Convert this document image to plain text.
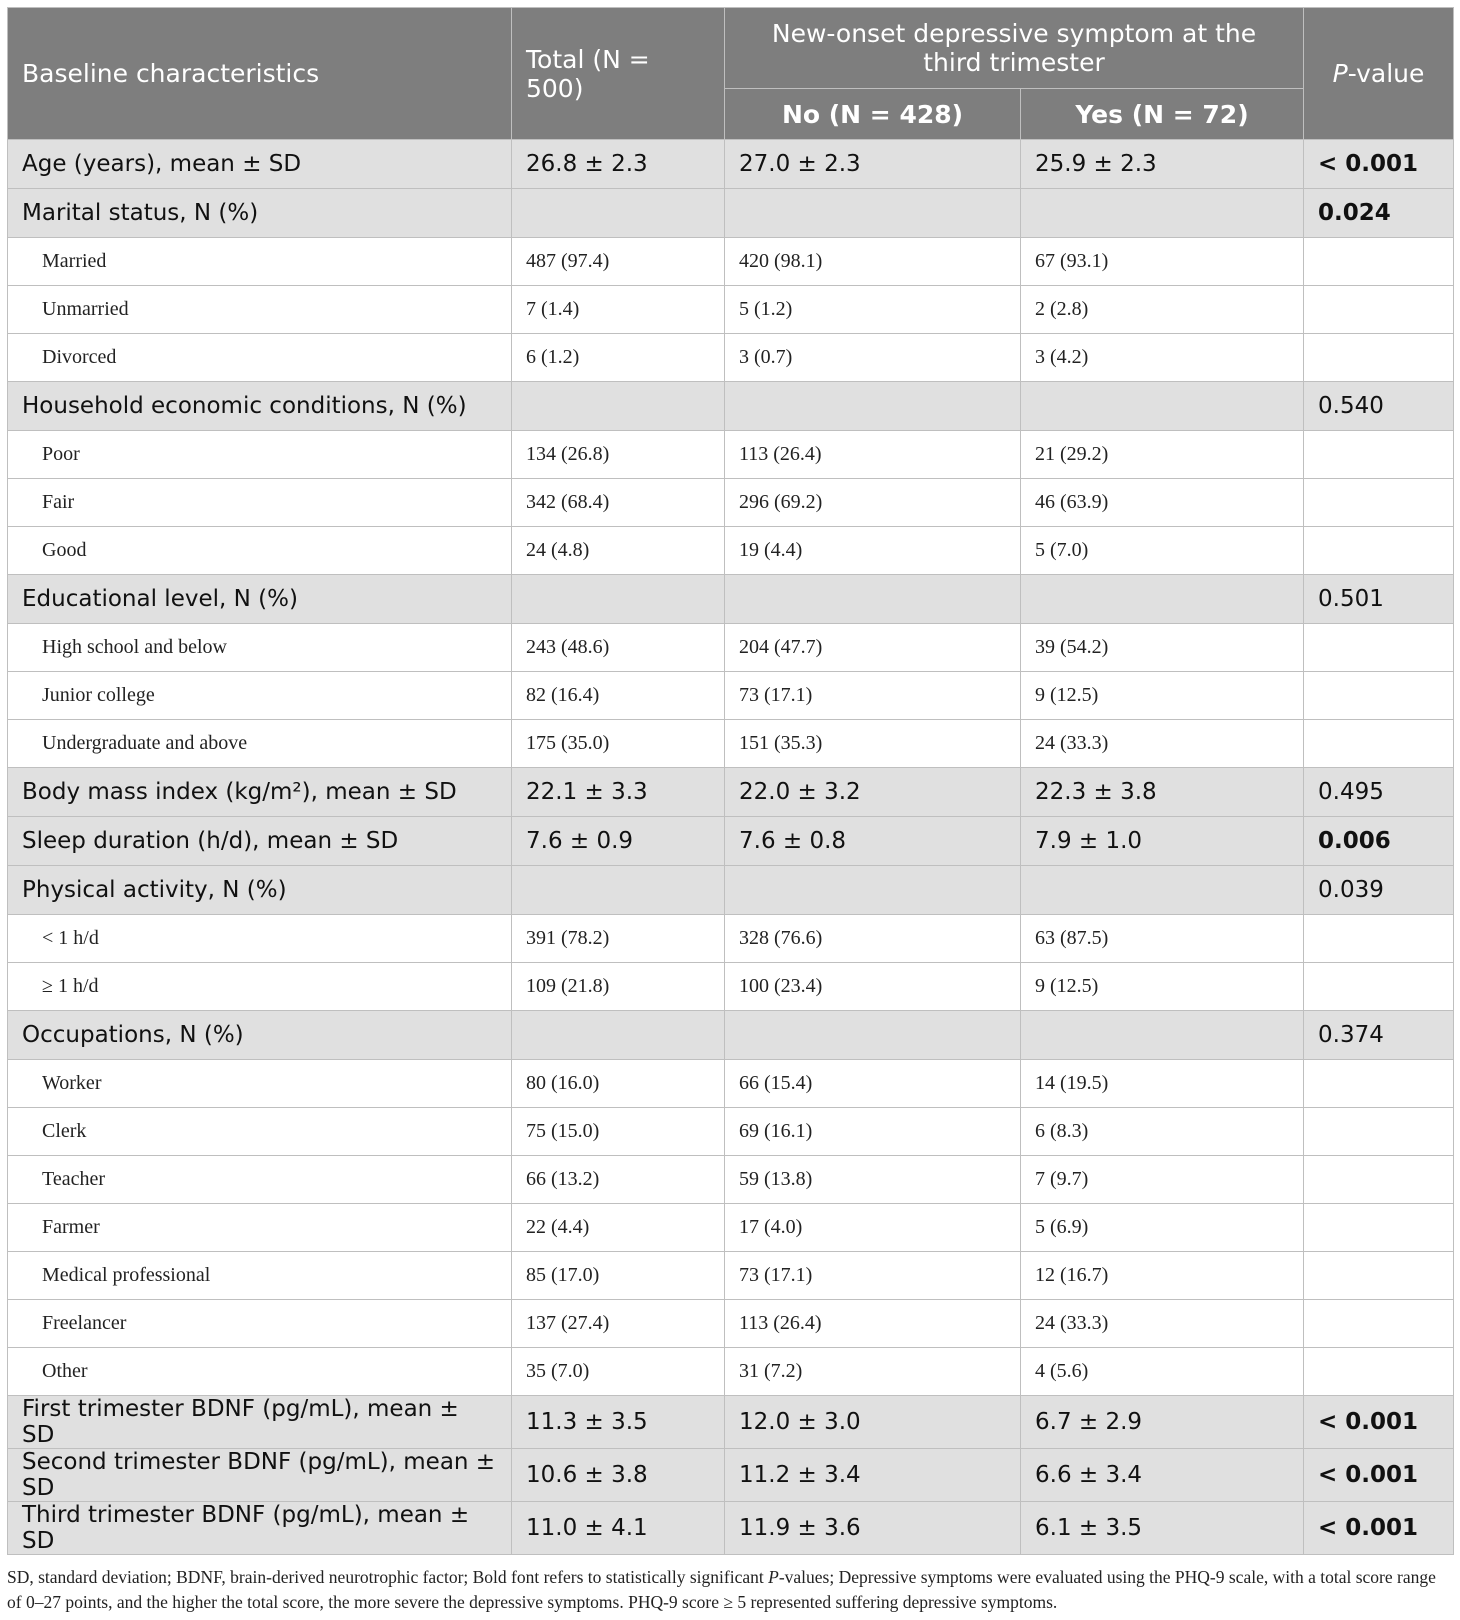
Baseline characteristics	Total (N = 500)	New-onset depressive symptom at the third trimester		P-value
		No (N = 428)	Yes (N = 72)	
Age (years), mean ± SD	26.8 ± 2.3	27.0 ± 2.3	25.9 ± 2.3	< 0.001
Marital status, N (%)				0.024
Married	487 (97.4)	420 (98.1)	67 (93.1)	
Unmarried	7 (1.4)	5 (1.2)	2 (2.8)	
Divorced	6 (1.2)	3 (0.7)	3 (4.2)	
Household economic conditions, N (%)				0.540
Poor	134 (26.8)	113 (26.4)	21 (29.2)	
Fair	342 (68.4)	296 (69.2)	46 (63.9)	
Good	24 (4.8)	19 (4.4)	5 (7.0)	
Educational level, N (%)				0.501
High school and below	243 (48.6)	204 (47.7)	39 (54.2)	
Junior college	82 (16.4)	73 (17.1)	9 (12.5)	
Undergraduate and above	175 (35.0)	151 (35.3)	24 (33.3)	
Body mass index (kg/m²), mean ± SD	22.1 ± 3.3	22.0 ± 3.2	22.3 ± 3.8	0.495
Sleep duration (h/d), mean ± SD	7.6 ± 0.9	7.6 ± 0.8	7.9 ± 1.0	0.006
Physical activity, N (%)				0.039
< 1 h/d	391 (78.2)	328 (76.6)	63 (87.5)	
≥ 1 h/d	109 (21.8)	100 (23.4)	9 (12.5)	
Occupations, N (%)				0.374
Worker	80 (16.0)	66 (15.4)	14 (19.5)	
Clerk	75 (15.0)	69 (16.1)	6 (8.3)	
Teacher	66 (13.2)	59 (13.8)	7 (9.7)	
Farmer	22 (4.4)	17 (4.0)	5 (6.9)	
Medical professional	85 (17.0)	73 (17.1)	12 (16.7)	
Freelancer	137 (27.4)	113 (26.4)	24 (33.3)	
Other	35 (7.0)	31 (7.2)	4 (5.6)	
First trimester BDNF (pg/mL), mean ± SD	11.3 ± 3.5	12.0 ± 3.0	6.7 ± 2.9	< 0.001
Second trimester BDNF (pg/mL), mean ± SD	10.6 ± 3.8	11.2 ± 3.4	6.6 ± 3.4	< 0.001
Third trimester BDNF (pg/mL), mean ± SD	11.0 ± 4.1	11.9 ± 3.6	6.1 ± 3.5	< 0.001
SD, standard deviation; BDNF, brain-derived neurotrophic factor; Bold font refers to statistically significant P-values; Depressive symptoms were evaluated using the PHQ-9 scale, with a total score range of 0–27 points, and the higher the total score, the more severe the depressive symptoms. PHQ-9 score ≥ 5 represented suffering depressive symptoms.
